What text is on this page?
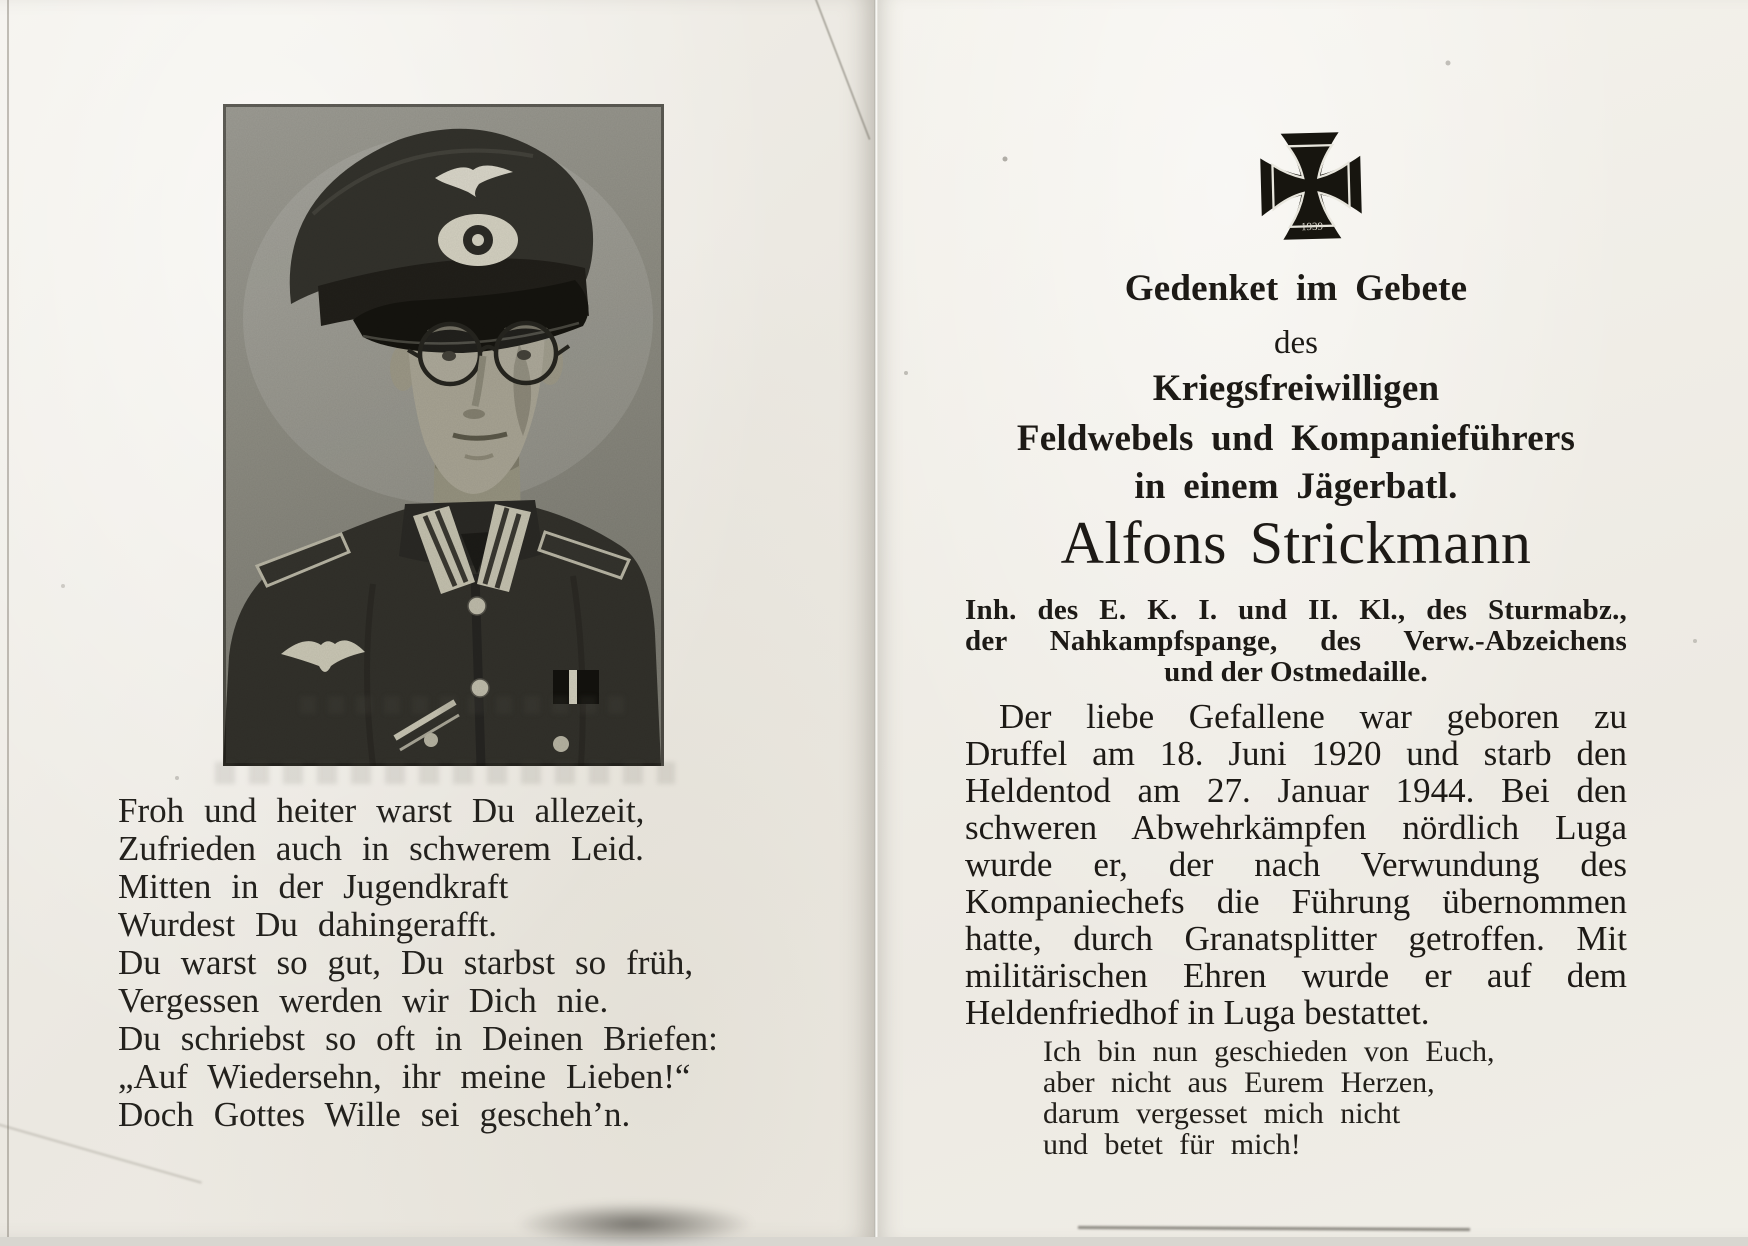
Froh und heiter warst Du allezeit,
Zufrieden auch in schwerem Leid.
Mitten in der Jugendkraft
Wurdest Du dahingerafft.
Du warst so gut, Du starbst so früh,
Vergessen werden wir Dich nie.
Du schriebst so oft in Deinen Briefen:
„Auf Wiedersehn, ihr meine Lieben!“
Doch Gottes Wille sei gescheh’n.
1939
Gedenket im Gebete
des
Kriegsfreiwilligen
Feldwebels und Kompanieführers
in einem Jägerbatl.
Alfons Strickmann
Inh. des E. K. I. und II. Kl., des Sturmabz.,
der Nahkampfspange, des Verw.-Abzeichens
und der Ostmedaille.
Der liebe Gefallene war geboren zu
Druffel am 18. Juni 1920 und starb den
Heldentod am 27. Januar 1944. Bei den
schweren Abwehrkämpfen nördlich Luga
wurde er, der nach Verwundung des
Kompaniechefs die Führung übernommen
hatte, durch Granatsplitter getroffen. Mit
militärischen Ehren wurde er auf dem
Heldenfriedhof in Luga bestattet.
Ich bin nun geschieden von Euch,
aber nicht aus Eurem Herzen,
darum vergesset mich nicht
und betet für mich!
